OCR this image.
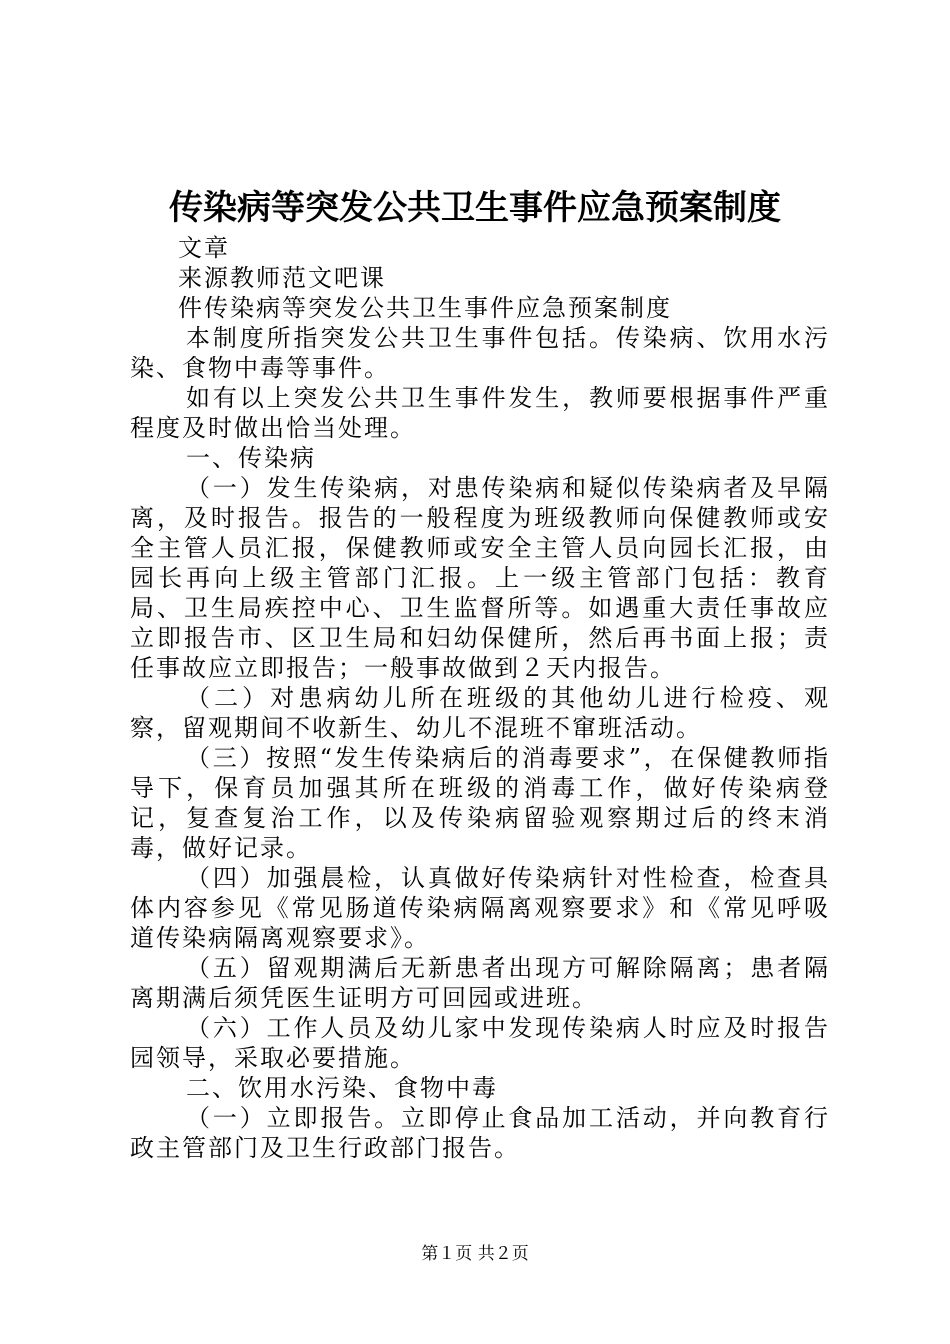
传染病等突发公共卫生事件应急预案制度

文章

来源教师范文吧课

件传染病等突发公共卫生事件应急预案制度

本制度所指突发公共卫生事件包括。传染病、饮用水污染、食物中毒等事件。

如有以上突发公共卫生事件发生，教师要根据事件严重程度及时做出恰当处理。

一、传染病

（一）发生传染病，对患传染病和疑似传染病者及早隔离，及时报告。报告的一般程度为班级教师向保健教师或安全主管人员汇报，保健教师或安全主管人员向园长汇报，由园长再向上级主管部门汇报。上一级主管部门包括：教育局、卫生局疾控中心、卫生监督所等。如遇重大责任事故应立即报告市、区卫生局和妇幼保健所，然后再书面上报；责任事故应立即报告；一般事故做到２天内报告。

（二）对患病幼儿所在班级的其他幼儿进行检疫、观察，留观期间不收新生、幼儿不混班不窜班活动。

（三）按照“发生传染病后的消毒要求”，在保健教师指导下，保育员加强其所在班级的消毒工作，做好传染病登记，复查复治工作，以及传染病留验观察期过后的终末消毒，做好记录。

（四）加强晨检，认真做好传染病针对性检查，检查具体内容参见《常见肠道传染病隔离观察要求》和《常见呼吸道传染病隔离观察要求》。

（五）留观期满后无新患者出现方可解除隔离；患者隔离期满后须凭医生证明方可回园或进班。

（六）工作人员及幼儿家中发现传染病人时应及时报告园领导，采取必要措施。

二、饮用水污染、食物中毒

（一）立即报告。立即停止食品加工活动，并向教育行政主管部门及卫生行政部门报告。

第１页 共２页
